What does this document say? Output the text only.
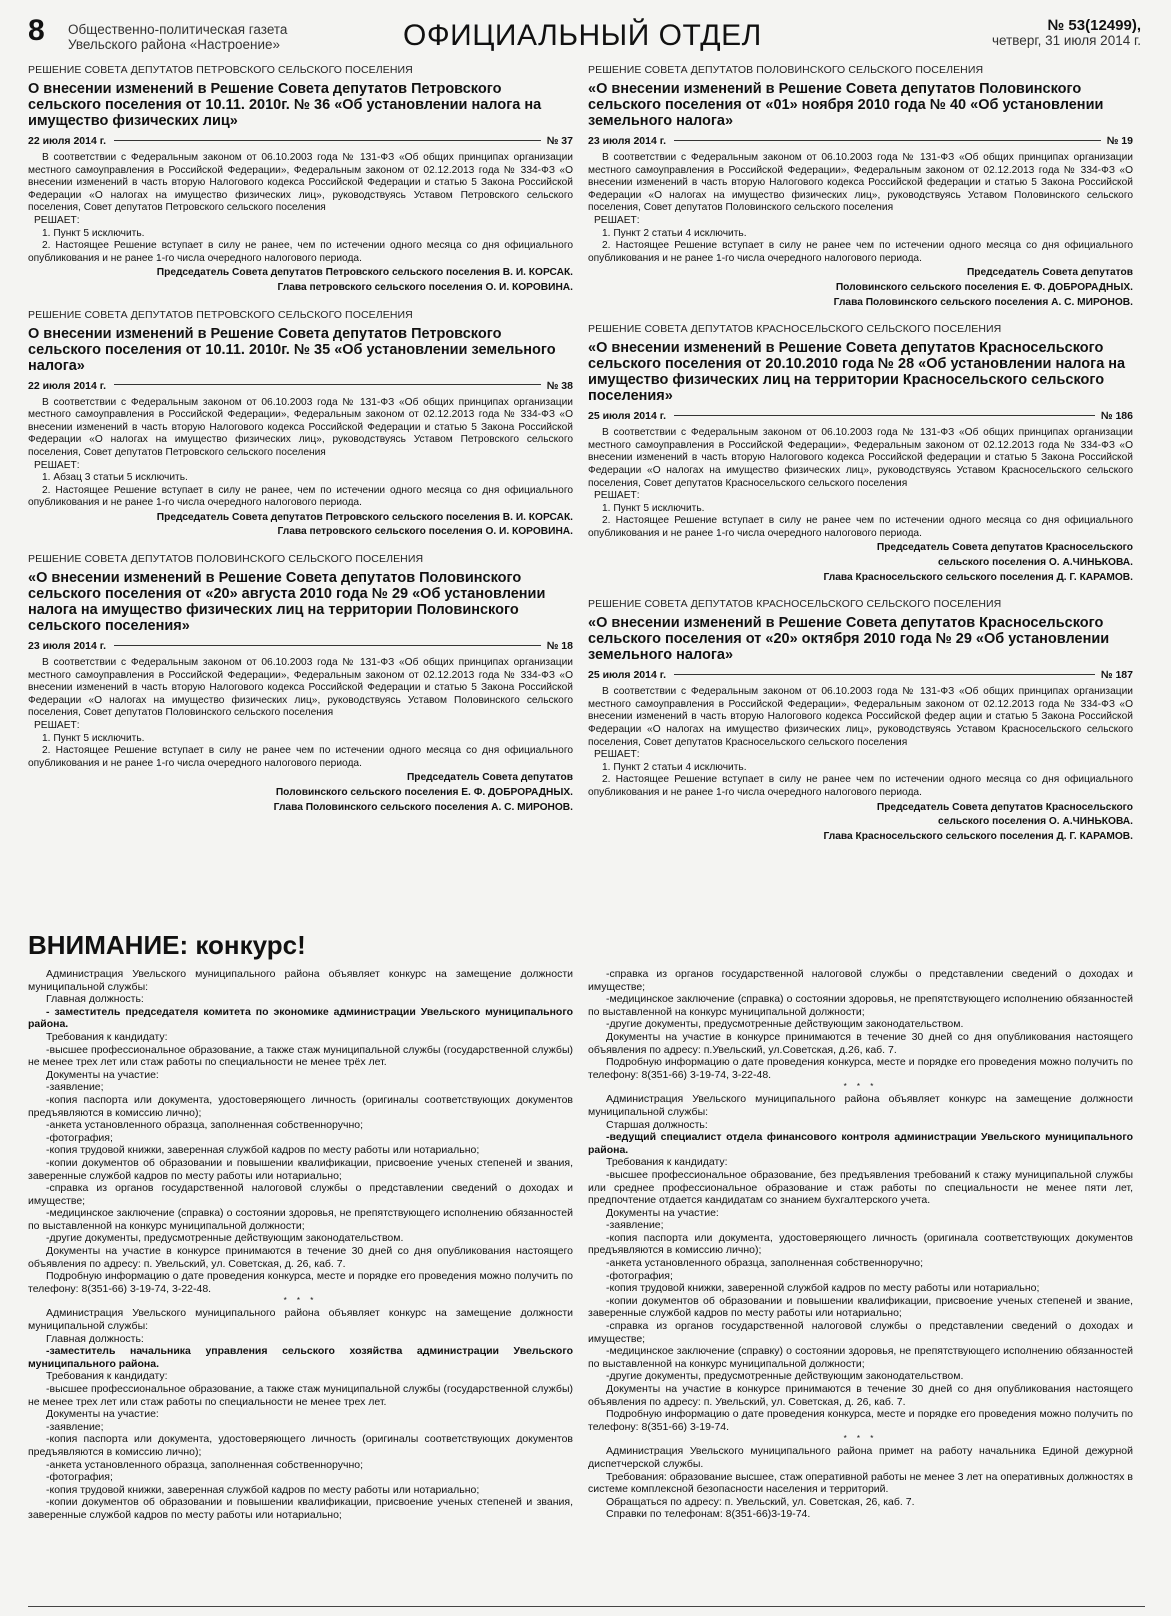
8 Общественно-политическая газета
Увельского района «Настроение»	ОФИЦИАЛЬНЫЙ ОТДЕЛ	№ 53(12499),
четверг, 31 июля 2014 г.
РЕШЕНИЕ СОВЕТА ДЕПУТАТОВ ПЕТРОВСКОГО СЕЛЬСКОГО ПОСЕЛЕНИЯ
О внесении изменений в Решение Совета депутатов Петровского сельского поселения от 10.11. 2010г. № 36 «Об установлении налога на имущество физических лиц»
22 июля 2014 г.	№ 37

В соответствии с Федеральным законом от 06.10.2003 года № 131-ФЗ «Об общих принципах организации местного самоуправления в Российской Федерации», Федеральным законом от 02.12.2013 года № 334-ФЗ «О внесении изменений в часть вторую Налогового кодекса Российской Федерации и статью 5 Закона Российской Федерации «О налогах на имущество физических лиц», руководствуясь Уставом Петровского сельского поселения, Совет депутатов Петровского сельского поселения

РЕШАЕТ:

1. Пункт 5 исключить.

2. Настоящее Решение вступает в силу не ранее, чем по истечении одного месяца со дня официального опубликования и не ранее 1-го числа очередного налогового периода.

Председатель Совета депутатов Петровского сельского поселения В. И. КОРСАК.
Глава петровского сельского поселения О. И. КОРОВИНА.
РЕШЕНИЕ СОВЕТА ДЕПУТАТОВ ПЕТРОВСКОГО СЕЛЬСКОГО ПОСЕЛЕНИЯ
О внесении изменений в Решение Совета депутатов Петровского сельского поселения от 10.11. 2010г. № 35 «Об установлении земельного налога»
22 июля 2014 г.	№ 38

В соответствии с Федеральным законом от 06.10.2003 года № 131-ФЗ «Об общих принципах организации местного самоуправления в Российской Федерации», Федеральным законом от 02.12.2013 года № 334-ФЗ «О внесении изменений в часть вторую Налогового кодекса Российской Федерации и статью 5 Закона Российской Федерации «О налогах на имущество физических лиц», руководствуясь Уставом Петровского сельского поселения, Совет депутатов Петровского сельского поселения

РЕШАЕТ:

1. Абзац 3 статьи 5 исключить.

2. Настоящее Решение вступает в силу не ранее, чем по истечении одного месяца со дня официального опубликования и не ранее 1-го числа очередного налогового периода.

Председатель Совета депутатов Петровского сельского поселения В. И. КОРСАК.
Глава петровского сельского поселения О. И. КОРОВИНА.
РЕШЕНИЕ СОВЕТА ДЕПУТАТОВ ПОЛОВИНСКОГО СЕЛЬСКОГО ПОСЕЛЕНИЯ
«О внесении изменений в Решение Совета депутатов Половинского сельского поселения от «20» августа 2010 года № 29 «Об установлении налога на имущество физических лиц на территории Половинского сельского поселения»
23 июля 2014 г.	№ 18

В соответствии с Федеральным законом от 06.10.2003 года № 131-ФЗ «Об общих принципах организации местного самоуправления в Российской Федерации», Федеральным законом от 02.12.2013 года № 334-ФЗ «О внесении изменений в часть вторую Налогового кодекса Российской Федерации и статью 5 Закона Российской Федерации «О налогах на имущество физических лиц», руководствуясь Уставом Половинского сельского поселения, Совет депутатов Половинского сельского поселения

РЕШАЕТ:

1. Пункт 5 исключить.

2. Настоящее Решение вступает в силу не ранее чем по истечении одного месяца со дня официального опубликования и не ранее 1-го числа очередного налогового периода.

Председатель Совета депутатов
Половинского сельского поселения Е. Ф. ДОБРОРАДНЫХ.
Глава Половинского сельского поселения А. С. МИРОНОВ.
РЕШЕНИЕ СОВЕТА ДЕПУТАТОВ ПОЛОВИНСКОГО СЕЛЬСКОГО ПОСЕЛЕНИЯ
«О внесении изменений в Решение Совета депутатов Половинского сельского поселения от «01» ноября 2010 года № 40 «Об установлении земельного налога»
23 июля 2014 г.	№ 19

В соответствии с Федеральным законом от 06.10.2003 года № 131-ФЗ «Об общих принципах организации местного самоуправления в Российской Федерации», Федеральным законом от 02.12.2013 года № 334-ФЗ «О внесении изменений в часть вторую Налогового кодекса Российской федерации и статью 5 Закона Российской Федерации «О налогах на имущество физических лиц», руководствуясь Уставом Половинского сельского поселения, Совет депутатов Половинского сельского поселения

РЕШАЕТ:

1. Пункт 2 статьи 4 исключить.

2. Настоящее Решение вступает в силу не ранее чем по истечении одного месяца со дня официального опубликования и не ранее 1-го числа очередного налогового периода.

Председатель Совета депутатов
Половинского сельского поселения Е. Ф. ДОБРОРАДНЫХ.
Глава Половинского сельского поселения А. С. МИРОНОВ.
РЕШЕНИЕ СОВЕТА ДЕПУТАТОВ КРАСНОСЕЛЬСКОГО СЕЛЬСКОГО ПОСЕЛЕНИЯ
«О внесении изменений в Решение Совета депутатов Красносельского сельского поселения от 20.10.2010 года № 28 «Об установлении налога на имущество физических лиц на территории Красносельского сельского поселения»
25 июля 2014 г.	№ 186

В соответствии с Федеральным законом от 06.10.2003 года № 131-ФЗ «Об общих принципах организации местного самоуправления в Российской Федерации», Федеральным законом от 02.12.2013 года № 334-ФЗ «О внесении изменений в часть вторую Налогового кодекса Российской федерации и статью 5 Закона Российской Федерации «О налогах на имущество физических лиц», руководствуясь Уставом Красносельского сельского поселения, Совет депутатов Красносельского сельского поселения

РЕШАЕТ:

1. Пункт 5 исключить.

2. Настоящее Решение вступает в силу не ранее чем по истечении одного месяца со дня официального опубликования и не ранее 1-го числа очередного налогового периода.

Председатель Совета депутатов Красносельского
сельского поселения О. А.ЧИНЬКОВА.
Глава Красносельского сельского поселения Д. Г. КАРАМОВ.
РЕШЕНИЕ СОВЕТА ДЕПУТАТОВ КРАСНОСЕЛЬСКОГО СЕЛЬСКОГО ПОСЕЛЕНИЯ
«О внесении изменений в Решение Совета депутатов Красносельского сельского поселения от «20» октября 2010 года № 29 «Об установлении земельного налога»
25 июля 2014 г.	№ 187

В соответствии с Федеральным законом от 06.10.2003 года № 131-ФЗ «Об общих принципах организации местного самоуправления в Российской Федерации», Федеральным законом от 02.12.2013 года № 334-ФЗ «О внесении изменений в часть вторую Налогового кодекса Российской федер ации и статью 5 Закона Российской Федерации «О налогах на имущество физических лиц», руководствуясь Уставом Красносельского сельского поселения, Совет депутатов Красносельского сельского поселения

РЕШАЕТ:

1. Пункт 2 статьи 4 исключить.

2. Настоящее Решение вступает в силу не ранее чем по истечении одного месяца со дня официального опубликования и не ранее 1-го числа очередного налогового периода.

Председатель Совета депутатов Красносельского
сельского поселения О. А.ЧИНЬКОВА.
Глава Красносельского сельского поселения Д. Г. КАРАМОВ.
ВНИМАНИЕ: конкурс!

Администрация Увельского муниципального района объявляет конкурс на замещение должности муниципальной службы:

Главная должность:

- заместитель председателя комитета по экономике администрации Увельского муниципального района.

Требования к кандидату:

-высшее профессиональное образование, а также стаж муниципальной службы (государственной службы) не менее трех лет или стаж работы по специальности не менее трёх лет.

Документы на участие:

-заявление;

-копия паспорта или документа, удостоверяющего личность (оригиналы соответствующих документов предъявляются в комиссию лично);

-анкета установленного образца, заполненная собственноручно;

-фотография;

-копия трудовой книжки, заверенная службой кадров по месту работы или нотариально;

-копии документов об образовании и повышении квалификации, присвоение ученых степеней и звания, заверенные службой кадров по месту работы или нотариально;

-справка из органов государственной налоговой службы о представлении сведений о доходах и имуществе;

-медицинское заключение (справка) о состоянии здоровья, не препятствующего исполнению обязанностей по выставленной на конкурс муниципальной должности;

-другие документы, предусмотренные действующим законодательством.

Документы на участие в конкурсе принимаются в течение 30 дней со дня опубликования настоящего объявления по адресу: п. Увельский, ул. Советская, д. 26, каб. 7.

Подробную информацию о дате проведения конкурса, месте и порядке его проведения можно получить по телефону: 8(351-66) 3-19-74, 3-22-48.

* * *

Администрация Увельского муниципального района объявляет конкурс на замещение должности муниципальной службы:

Главная должность:

-заместитель начальника управления сельского хозяйства администрации Увельского муниципального района.

Требования к кандидату:

-высшее профессиональное образование, а также стаж муниципальной службы (государственной службы) не менее трех лет или стаж работы по специальности не менее трех лет.

Документы на участие:

-заявление;

-копия паспорта или документа, удостоверяющего личность (оригиналы соответствующих документов предъявляются в комиссию лично);

-анкета установленного образца, заполненная собственноручно;

-фотография;

-копия трудовой книжки, заверенная службой кадров по месту работы или нотариально;

-копии документов об образовании и повышении квалификации, присвоение ученых степеней и звания, заверенные службой кадров по месту работы или нотариально;

-справка из органов государственной налоговой службы о представлении сведений о доходах и имуществе;

-медицинское заключение (справка) о состоянии здоровья, не препятствующего исполнению обязанностей по выставленной на конкурс муниципальной должности;

-другие документы, предусмотренные действующим законодательством.

Документы на участие в конкурсе принимаются в течение 30 дней со дня опубликования настоящего объявления по адресу: п.Увельский, ул.Советская, д.26, каб. 7.

Подробную информацию о дате проведения конкурса, месте и порядке его проведения можно получить по телефону: 8(351-66) 3-19-74, 3-22-48.

* * *

Администрация Увельского муниципального района объявляет конкурс на замещение должности муниципальной службы:

Старшая должность:

-ведущий специалист отдела финансового контроля администрации Увельского муниципального района.

Требования к кандидату:

-высшее профессиональное образование, без предъявления требований к стажу муниципальной службы или среднее профессиональное образование и стаж работы по специальности не менее пяти лет, предпочтение отдается кандидатам со знанием бухгалтерского учета.

Документы на участие:

-заявление;

-копия паспорта или документа, удостоверяющего личность (оригинала соответствующих документов предъявляются в комиссию лично);

-анкета установленного образца, заполненная собственноручно;

-фотография;

-копия трудовой книжки, заверенной службой кадров по месту работы или нотариально;

-копии документов об образовании и повышении квалификации, присвоение ученых степеней и звание, заверенные службой кадров по месту работы или нотариально;

-справка из органов государственной налоговой службы о представлении сведений о доходах и имуществе;

-медицинское заключение (справку) о состоянии здоровья, не препятствующего исполнению обязанностей по выставленной на конкурс муниципальной должности;

-другие документы, предусмотренные действующим законодательством.

Документы на участие в конкурсе принимаются в течение 30 дней со дня опубликования настоящего объявления по адресу: п. Увельский, ул. Советская, д. 26, каб. 7.

Подробную информацию о дате проведения конкурса, месте и порядке его проведения можно получить по телефону: 8(351-66) 3-19-74.

* * *

Администрация Увельского муниципального района примет на работу начальника Единой дежурной диспетчерской службы.

Требования: образование высшее, стаж оперативной работы не менее 3 лет на оперативных должностях в системе комплексной безопасности населения и территорий.

Обращаться по адресу: п. Увельский, ул. Советская, 26, каб. 7.

Справки по телефонам: 8(351-66)3-19-74.
